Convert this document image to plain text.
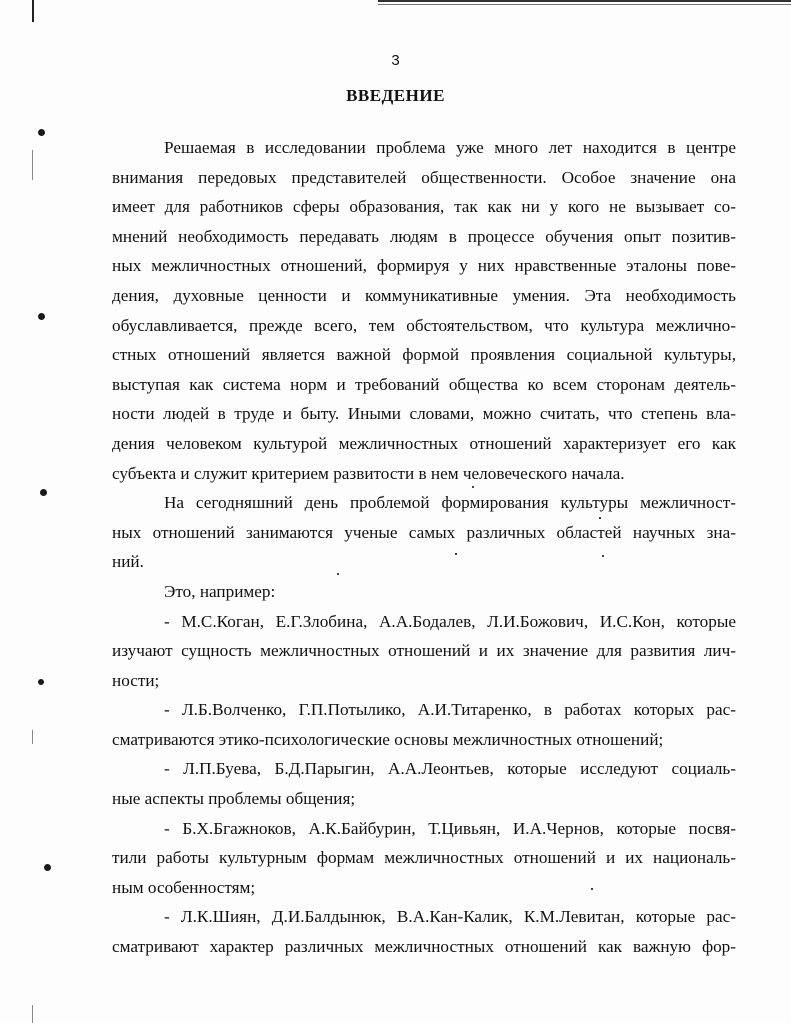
3
ВВЕДЕНИЕ
Решаемая в исследовании проблема уже много лет находится в центре
внимания передовых представителей общественности. Особое значение она
имеет для работников сферы образования, так как ни у кого не вызывает со-
мнений необходимость передавать людям в процессе обучения опыт позитив-
ных межличностных отношений, формируя у них нравственные эталоны пове-
дения, духовные ценности и коммуникативные умения. Эта необходимость
обуславливается, прежде всего, тем обстоятельством, что культура межлично-
стных отношений является важной формой проявления социальной культуры,
выступая как система норм и требований общества ко всем сторонам деятель-
ности людей в труде и быту. Иными словами, можно считать, что степень вла-
дения человеком культурой межличностных отношений характеризует его как
субъекта и служит критерием развитости в нем человеческого начала.
На сегодняшний день проблемой формирования культуры межличност-
ных отношений занимаются ученые самых различных областей научных зна-
ний.
Это, например:
- М.С.Коган, Е.Г.Злобина, А.А.Бодалев, Л.И.Божович, И.С.Кон, которые
изучают сущность межличностных отношений и их значение для развития лич-
ности;
- Л.Б.Волченко, Г.П.Потылико, А.И.Титаренко, в работах которых рас-
сматриваются этико-психологические основы межличностных отношений;
- Л.П.Буева, Б.Д.Парыгин, А.А.Леонтьев, которые исследуют социаль-
ные аспекты проблемы общения;
- Б.Х.Бгажноков, А.К.Байбурин, Т.Цивьян, И.А.Чернов, которые посвя-
тили работы культурным формам межличностных отношений и их националь-
ным особенностям;
- Л.К.Шиян, Д.И.Балдынюк, В.А.Кан-Калик, К.М.Левитан, которые рас-
сматривают характер различных межличностных отношений как важную фор-
